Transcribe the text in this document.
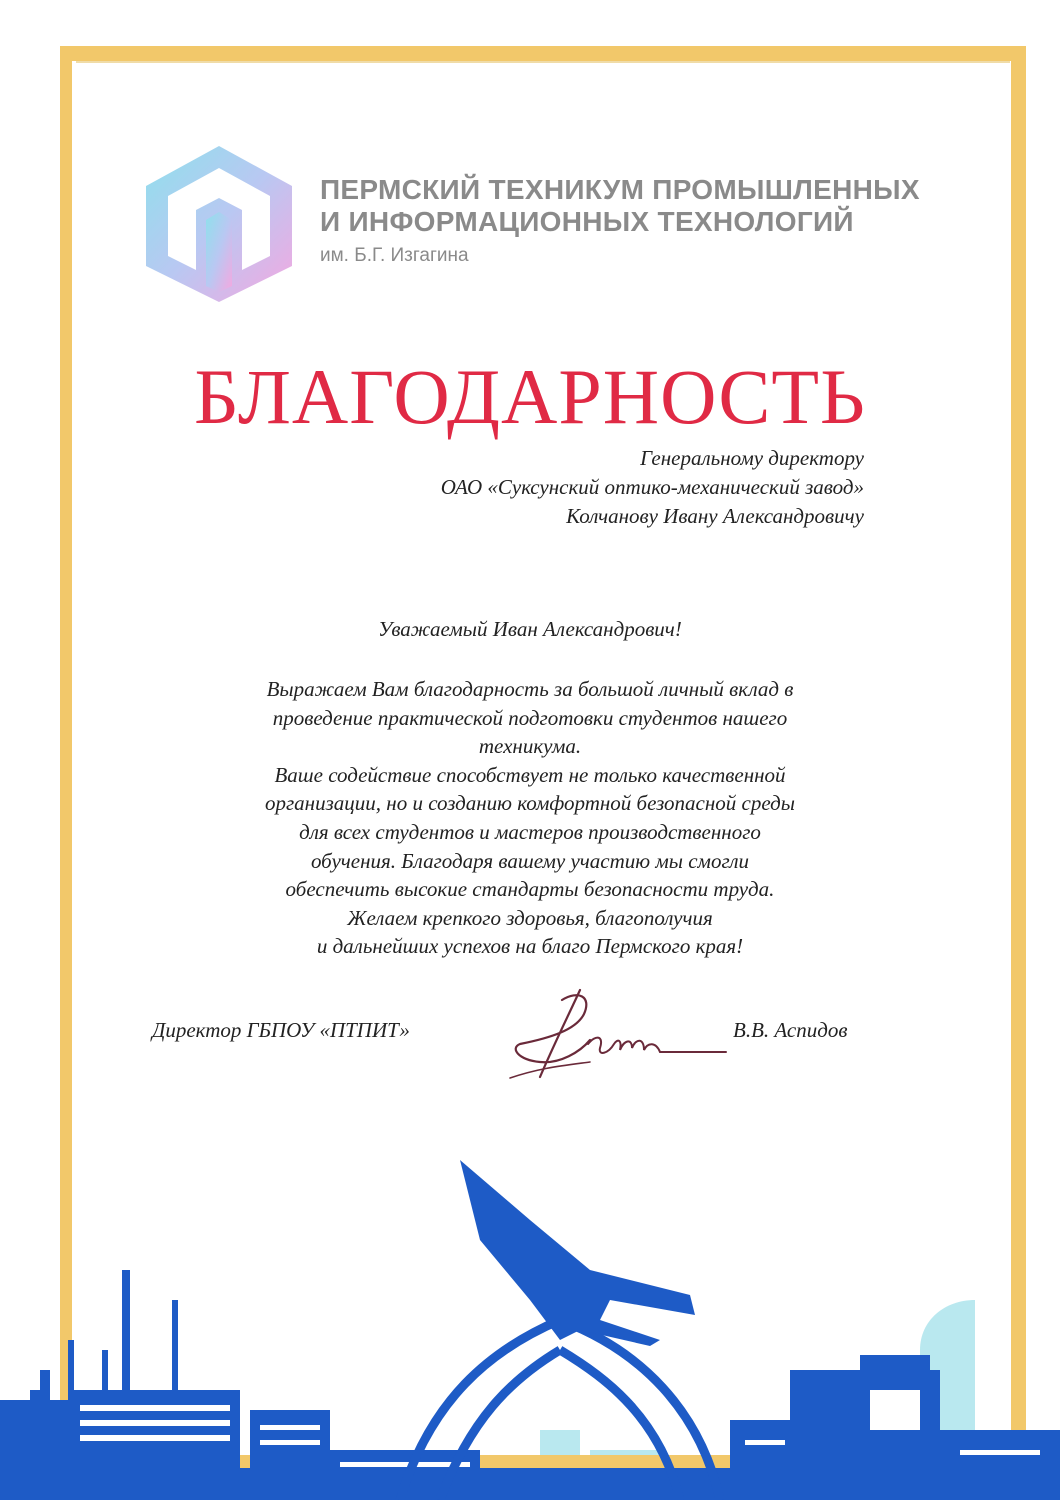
ПЕРМСКИЙ ТЕХНИКУМ ПРОМЫШЛЕННЫХ
И ИНФОРМАЦИОННЫХ ТЕХНОЛОГИЙ
им. Б.Г. Изгагина
БЛАГОДАРНОСТЬ
Генеральному директору
ОАО «Суксунский оптико-механический завод»
Колчанову Ивану Александровичу
Уважаемый Иван Александрович!
Выражаем Вам благодарность за большой личный вклад в
проведение практической подготовки студентов нашего
техникума.
Ваше содействие способствует не только качественной
организации, но и созданию комфортной безопасной среды
для всех студентов и мастеров производственного
обучения. Благодаря вашему участию мы смогли
обеспечить высокие стандарты безопасности труда.
Желаем крепкого здоровья, благополучия
и дальнейших успехов на благо Пермского края!
Директор ГБПОУ «ПТПИТ»	В.В. Аспидов
